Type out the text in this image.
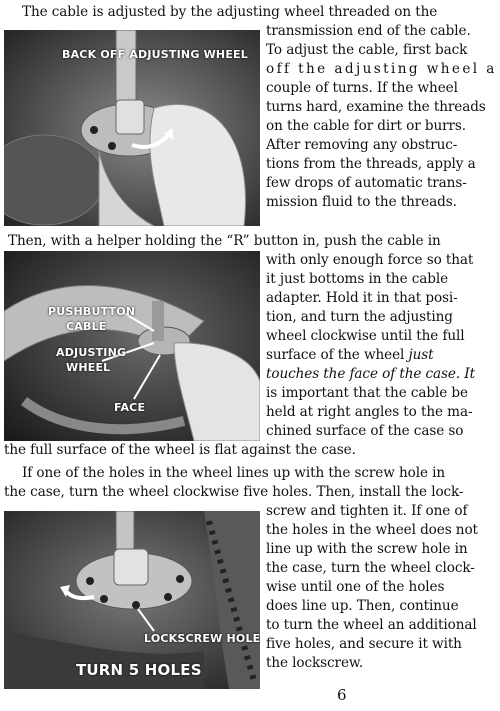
The cable is adjusted by the adjusting wheel threaded on the
transmission end of the cable.
To adjust the cable, first back
off the adjusting wheel a
couple of turns. If the wheel
turns hard, examine the threads
on the cable for dirt or burrs.
After removing any obstruc-
tions from the threads, apply a
few drops of automatic trans-
mission fluid to the threads.
BACK OFF ADJUSTING WHEEL
Then, with a helper holding the “R” button in, push the cable in
with only enough force so that
it just bottoms in the cable
adapter. Hold it in that posi-
tion, and turn the adjusting
wheel clockwise until the full
surface of the wheel just
touches the face of the case. It
is important that the cable be
held at right angles to the ma-
chined surface of the case so
the full surface of the wheel is flat against the case.
PUSHBUTTON
CABLE
ADJUSTING
WHEEL
FACE
If one of the holes in the wheel lines up with the screw hole in
the case, turn the wheel clockwise five holes. Then, install the lock-
screw and tighten it. If one of
the holes in the wheel does not
line up with the screw hole in
the case, turn the wheel clock-
wise until one of the holes
does line up. Then, continue
to turn the wheel an additional
five holes, and secure it with
the lockscrew.
LOCKSCREW HOLE
TURN 5 HOLES
6
